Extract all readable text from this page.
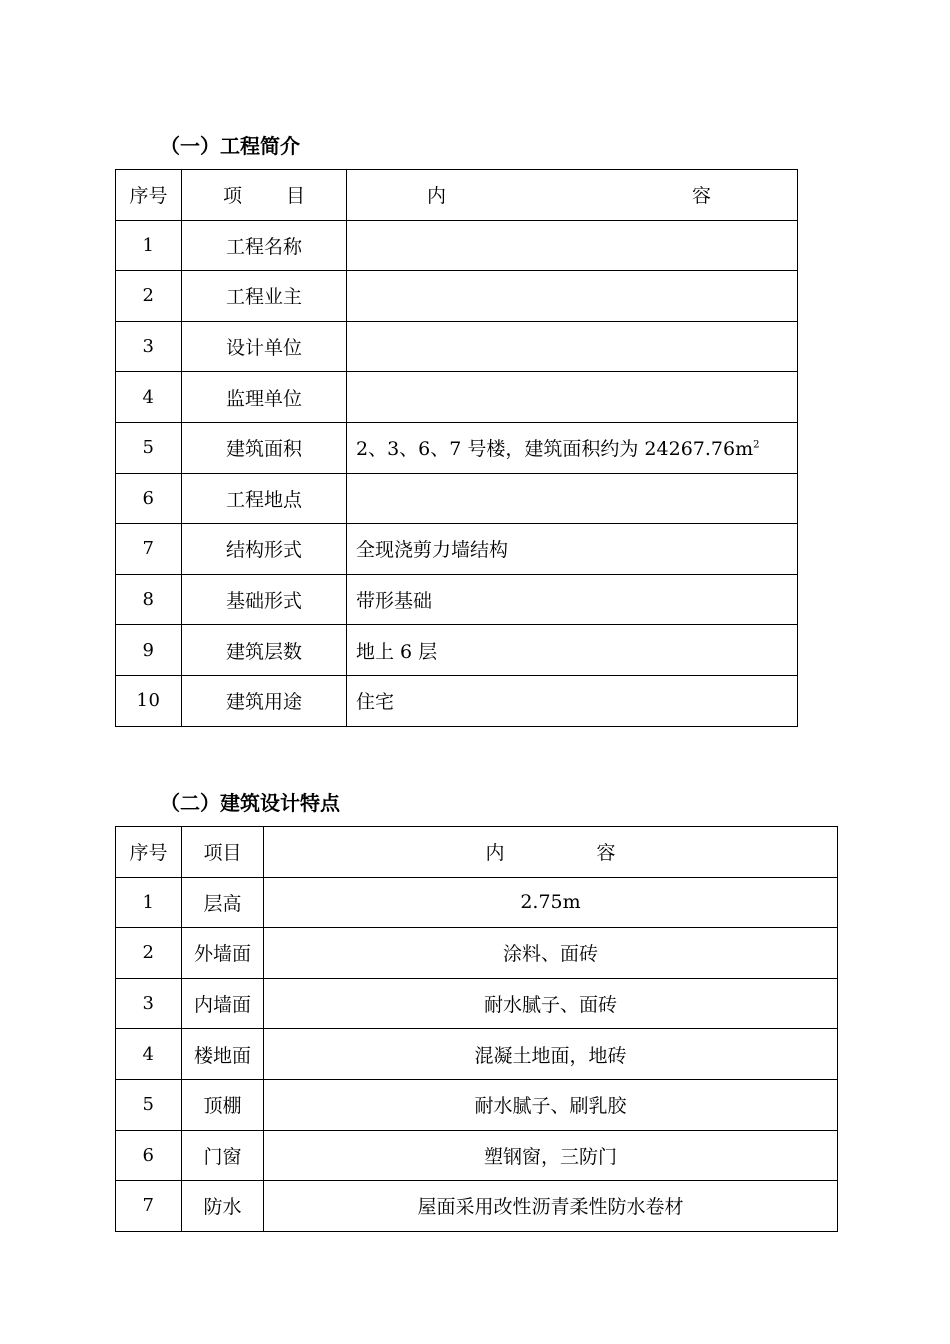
（一）工程简介
序号	项 目	内 容
1	工程名称	
2	工程业主	
3	设计单位	
4	监理单位	
5	建筑面积	2、3、6、7 号楼，建筑面积约为 $24267.76m^2$
6	工程地点	
7	结构形式	全现浇剪力墙结构
8	基础形式	带形基础
9	建筑层数	地上 6 层
10	建筑用途	住宅
（二）建筑设计特点
序号	项目	内 容
1	层高	2.75m
2	外墙面	涂料、面砖
3	内墙面	耐水腻子、面砖
4	楼地面	混凝土地面，地砖
5	顶棚	耐水腻子、刷乳胶
6	门窗	塑钢窗，三防门
7	防水	屋面采用改性沥青柔性防水卷材
